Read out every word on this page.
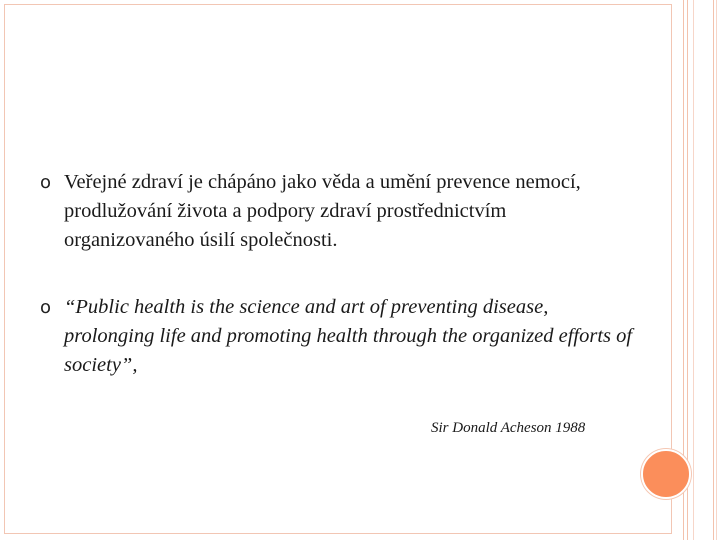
o Veřejné zdraví je chápáno jako věda a umění prevence nemocí, prodlužování života a podpory zdraví prostřednictvím organizovaného úsilí společnosti.
o “Public health is the science and art of preventing disease, prolonging life and promoting health through the organized efforts of society”,
Sir Donald Acheson 1988
